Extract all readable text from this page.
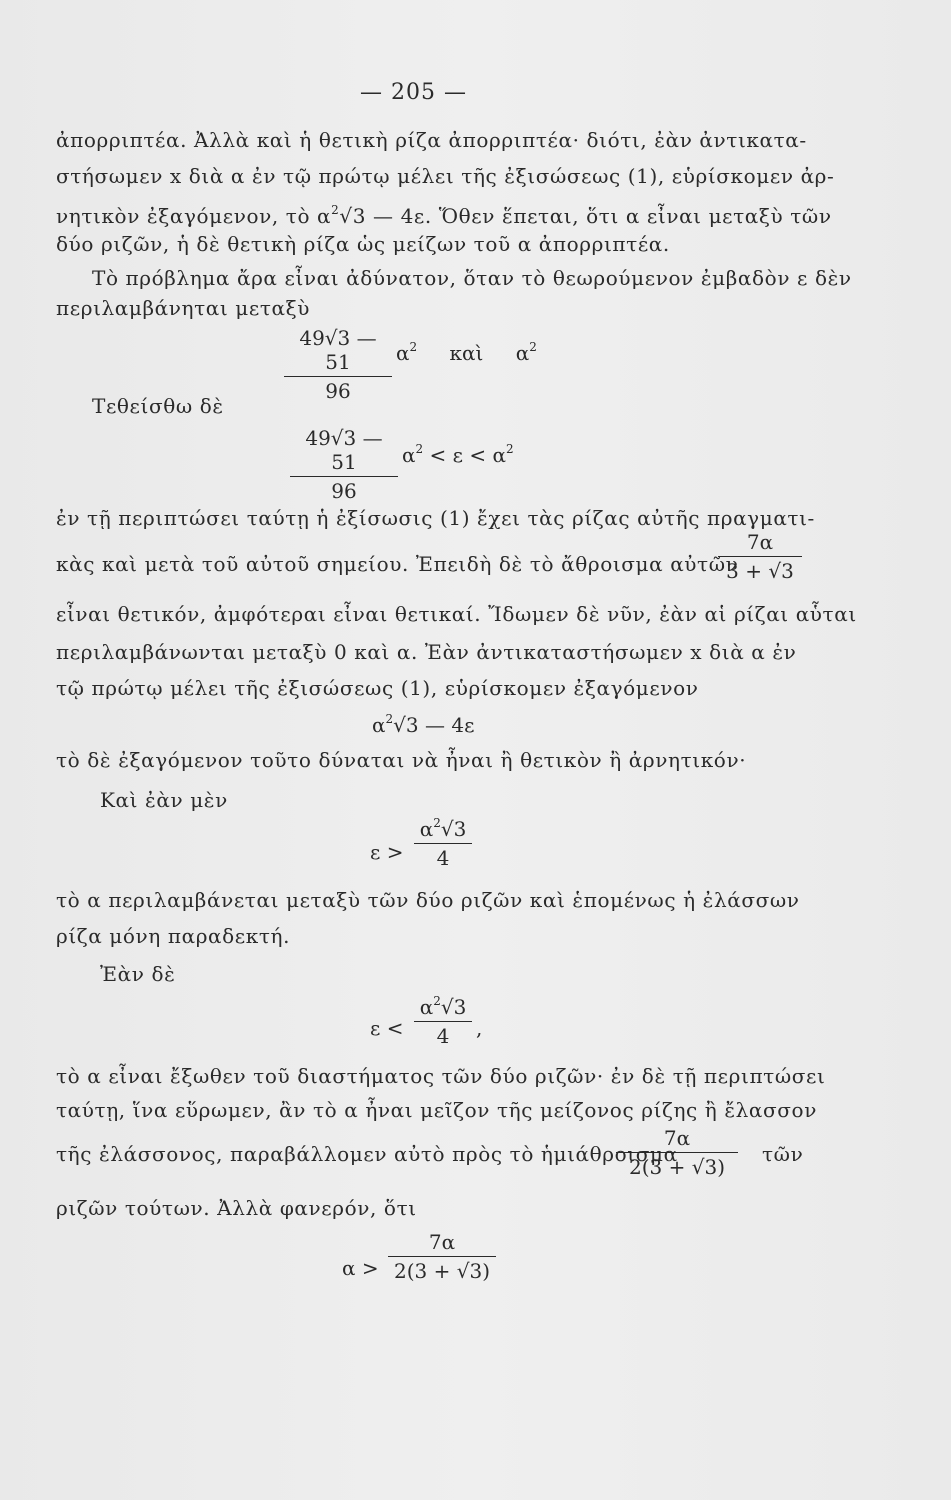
— 205 —
ἀπορριπτέα. Ἀλλὰ καὶ ἡ θετικὴ ρίζα ἀπορριπτέα· διότι, ἐὰν ἀντικατα-
στήσωμεν x διὰ α ἐν τῷ πρώτῳ μέλει τῆς ἐξισώσεως (1), εὑρίσκομεν ἀρ-
νητικὸν ἐξαγόμενον, τὸ $\alpha^2√3$ — 4ε. Ὅθεν ἕπεται, ὅτι α εἶναι μεταξὺ τῶν
δύο ριζῶν, ἡ δὲ θετικὴ ρίζα ὡς μείζων τοῦ α ἀπορριπτέα.
Τὸ πρόβλημα ἄρα εἶναι ἀδύνατον, ὅταν τὸ θεωρούμενον ἐμβαδὸν ε δὲν
περιλαμβάνηται μεταξὺ
$\frac{49√3 — 51}{96} \alpha^2$ καὶ $\alpha^2$
Τεθείσθω δὲ
$\frac{49√3 — 51}{96} \alpha^2 < \varepsilon < \alpha^2$
ἐν τῇ περιπτώσει ταύτῃ ἡ ἐξίσωσις (1) ἔχει τὰς ρίζας αὐτῆς πραγματι-
κὰς καὶ μετὰ τοῦ αὐτοῦ σημείου. Ἐπειδὴ δὲ τὸ ἄθροισμα αὐτῶν
$\frac{7\alpha}{3 + √3}$
εἶναι θετικόν, ἀμφότεραι εἶναι θετικαί. Ἴδωμεν δὲ νῦν, ἐὰν αἱ ρίζαι αὗται
περιλαμβάνωνται μεταξὺ 0 καὶ α. Ἐὰν ἀντικαταστήσωμεν x διὰ α ἐν
τῷ πρώτῳ μέλει τῆς ἐξισώσεως (1), εὑρίσκομεν ἐξαγόμενον
$\alpha^2√3$ — 4ε
τὸ δὲ ἐξαγόμενον τοῦτο δύναται νὰ ἦναι ἢ θετικὸν ἢ ἀρνητικόν·
Καὶ ἐὰν μὲν
$\varepsilon > \frac{\alpha^2√3}{4}$
τὸ α περιλαμβάνεται μεταξὺ τῶν δύο ριζῶν καὶ ἑπομένως ἡ ἐλάσσων
ρίζα μόνη παραδεκτή.
Ἐὰν δὲ
$\varepsilon < \frac{\alpha^2√3}{4}$ ,
τὸ α εἶναι ἔξωθεν τοῦ διαστήματος τῶν δύο ριζῶν· ἐν δὲ τῇ περιπτώσει
ταύτῃ, ἵνα εὕρωμεν, ἂν τὸ α ἦναι μεῖζον τῆς μείζονος ρίζης ἢ ἔλασσον
τῆς ἐλάσσονος, παραβάλλομεν αὐτὸ πρὸς τὸ ἡμιάθροισμα
$\frac{7\alpha}{2(3 + √3)}$ τῶν
ριζῶν τούτων. Ἀλλὰ φανερόν, ὅτι
$\alpha > \frac{7\alpha}{2(3 + √3)}$
